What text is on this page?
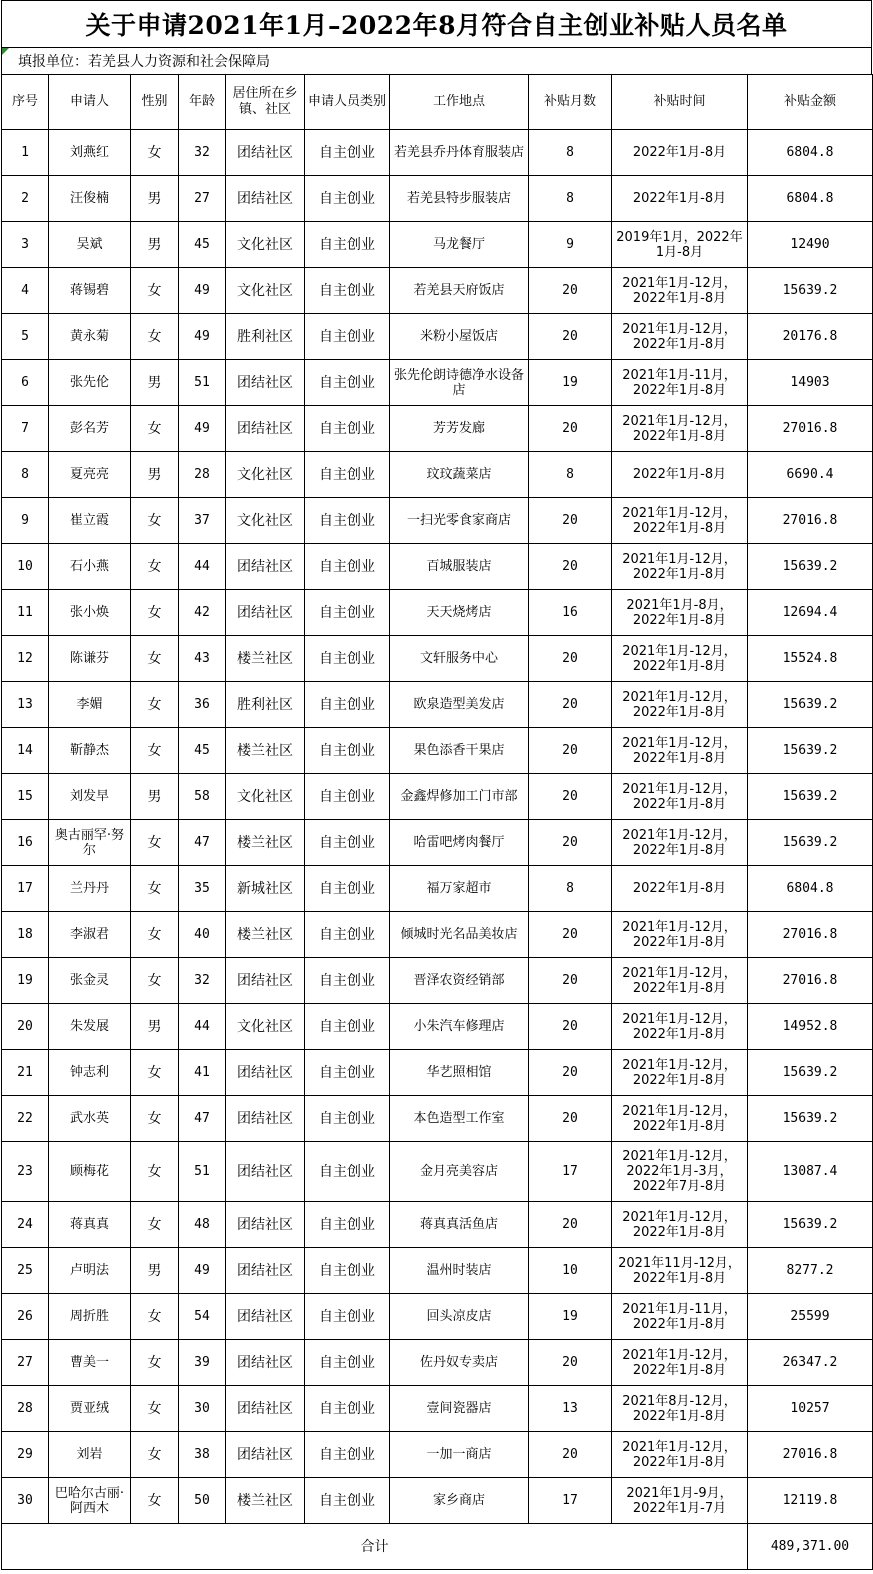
关于申请2021年1月–2022年8月符合自主创业补贴人员名单
填报单位：若羌县人力资源和社会保障局
序号	申请人	性别	年龄	居住所在乡镇、社区	申请人员类别	工作地点	补贴月数	补贴时间	补贴金额
1	刘燕红	女	32	团结社区	自主创业	若羌县乔丹体育服装店	8	2022年1月-8月	6804.8
2	汪俊楠	男	27	团结社区	自主创业	若羌县特步服装店	8	2022年1月-8月	6804.8
3	吴斌	男	45	文化社区	自主创业	马龙餐厅	9	2019年1月，2022年1月-8月	12490
4	蒋锡碧	女	49	文化社区	自主创业	若羌县天府饭店	20	2021年1月-12月，2022年1月-8月	15639.2
5	黄永菊	女	49	胜利社区	自主创业	米粉小屋饭店	20	2021年1月-12月，2022年1月-8月	20176.8
6	张先伦	男	51	团结社区	自主创业	张先伦朗诗德净水设备店	19	2021年1月-11月，2022年1月-8月	14903
7	彭名芳	女	49	团结社区	自主创业	芳芳发廊	20	2021年1月-12月，2022年1月-8月	27016.8
8	夏亮亮	男	28	文化社区	自主创业	玟玟蔬菜店	8	2022年1月-8月	6690.4
9	崔立霞	女	37	文化社区	自主创业	一扫光零食家商店	20	2021年1月-12月，2022年1月-8月	27016.8
10	石小燕	女	44	团结社区	自主创业	百城服装店	20	2021年1月-12月，2022年1月-8月	15639.2
11	张小焕	女	42	团结社区	自主创业	天天烧烤店	16	2021年1月-8月，2022年1月-8月	12694.4
12	陈谦芬	女	43	楼兰社区	自主创业	文轩服务中心	20	2021年1月-12月，2022年1月-8月	15524.8
13	李媚	女	36	胜利社区	自主创业	欧泉造型美发店	20	2021年1月-12月，2022年1月-8月	15639.2
14	靳静杰	女	45	楼兰社区	自主创业	果色添香干果店	20	2021年1月-12月，2022年1月-8月	15639.2
15	刘发早	男	58	文化社区	自主创业	金鑫焊修加工门市部	20	2021年1月-12月，2022年1月-8月	15639.2
16	奥古丽罕·努尔	女	47	楼兰社区	自主创业	哈雷吧烤肉餐厅	20	2021年1月-12月，2022年1月-8月	15639.2
17	兰丹丹	女	35	新城社区	自主创业	福万家超市	8	2022年1月-8月	6804.8
18	李淑君	女	40	楼兰社区	自主创业	倾城时光名品美妆店	20	2021年1月-12月，2022年1月-8月	27016.8
19	张金灵	女	32	团结社区	自主创业	晋泽农资经销部	20	2021年1月-12月，2022年1月-8月	27016.8
20	朱发展	男	44	文化社区	自主创业	小朱汽车修理店	20	2021年1月-12月，2022年1月-8月	14952.8
21	钟志利	女	41	团结社区	自主创业	华艺照相馆	20	2021年1月-12月，2022年1月-8月	15639.2
22	武水英	女	47	团结社区	自主创业	本色造型工作室	20	2021年1月-12月，2022年1月-8月	15639.2
23	顾梅花	女	51	团结社区	自主创业	金月亮美容店	17	2021年1月-12月，2022年1月-3月，2022年7月-8月	13087.4
24	蒋真真	女	48	团结社区	自主创业	蒋真真活鱼店	20	2021年1月-12月，2022年1月-8月	15639.2
25	卢明法	男	49	团结社区	自主创业	温州时装店	10	2021年11月-12月，2022年1月-8月	8277.2
26	周折胜	女	54	团结社区	自主创业	回头凉皮店	19	2021年1月-11月，2022年1月-8月	25599
27	曹美一	女	39	团结社区	自主创业	佐丹奴专卖店	20	2021年1月-12月，2022年1月-8月	26347.2
28	贾亚绒	女	30	团结社区	自主创业	壹间瓷器店	13	2021年8月-12月，2022年1月-8月	10257
29	刘岩	女	38	团结社区	自主创业	一加一商店	20	2021年1月-12月，2022年1月-8月	27016.8
30	巴哈尔古丽·阿西木	女	50	楼兰社区	自主创业	家乡商店	17	2021年1月-9月，2022年1月-7月	12119.8
合计									489,371.00
